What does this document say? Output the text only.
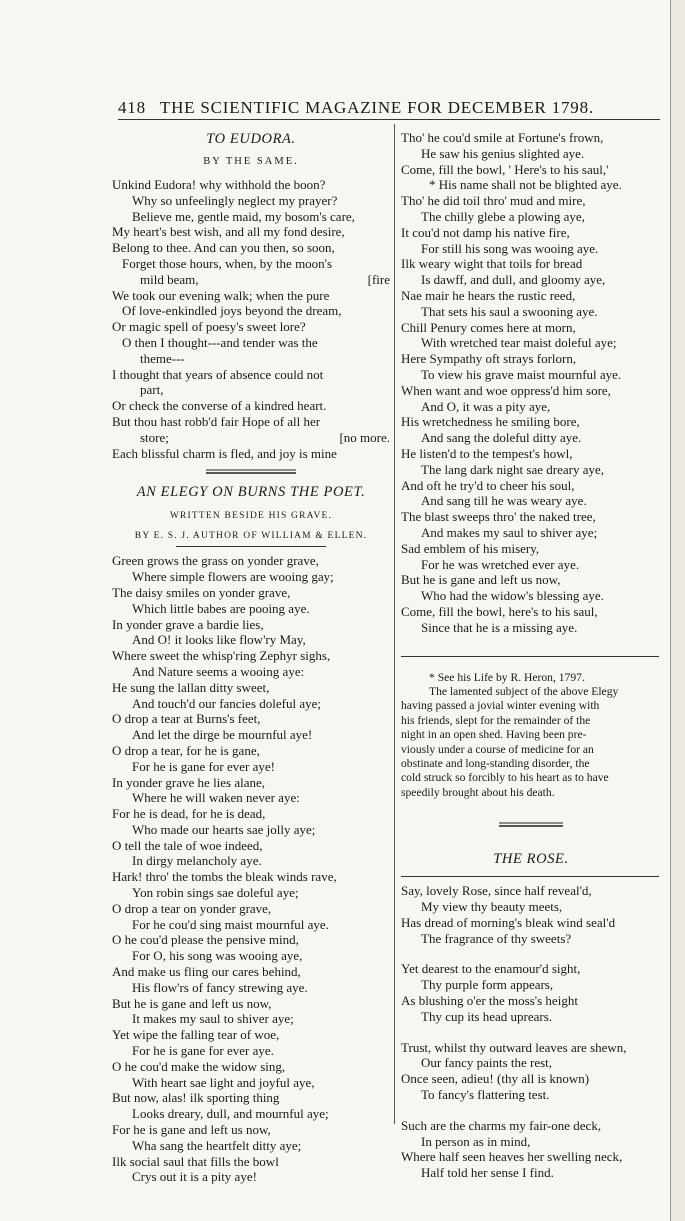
418 THE SCIENTIFIC MAGAZINE FOR DECEMBER 1798.
TO EUDORA.
BY THE SAME.
Unkind Eudora! why withhold the boon?
Why so unfeelingly neglect my prayer?
Believe me, gentle maid, my bosom's care,
My heart's best wish, and all my fond desire,
Belong to thee. And can you then, so soon,
Forget those hours, when, by the moon's
mild beam,	[fire
We took our evening walk; when the pure
Of love-enkindled joys beyond the dream,
Or magic spell of poesy's sweet lore?
O then I thought---and tender was the
theme---
I thought that years of absence could not
part,
Or check the converse of a kindred heart.
But thou hast robb'd fair Hope of all her
store;	[no more.
Each blissful charm is fled, and joy is mine
AN ELEGY ON BURNS THE POET.
WRITTEN BESIDE HIS GRAVE.
BY E. S. J. AUTHOR OF WILLIAM & ELLEN.
Green grows the grass on yonder grave,
Where simple flowers are wooing gay;
The daisy smiles on yonder grave,
Which little babes are pooing aye.
In yonder grave a bardie lies,
And O! it looks like flow'ry May,
Where sweet the whisp'ring Zephyr sighs,
And Nature seems a wooing aye:
He sung the lallan ditty sweet,
And touch'd our fancies doleful aye;
O drop a tear at Burns's feet,
And let the dirge be mournful aye!
O drop a tear, for he is gane,
For he is gane for ever aye!
In yonder grave he lies alane,
Where he will waken never aye:
For he is dead, for he is dead,
Who made our hearts sae jolly aye;
O tell the tale of woe indeed,
In dirgy melancholy aye.
Hark! thro' the tombs the bleak winds rave,
Yon robin sings sae doleful aye;
O drop a tear on yonder grave,
For he cou'd sing maist mournful aye.
O he cou'd please the pensive mind,
For O, his song was wooing aye,
And make us fling our cares behind,
His flow'rs of fancy strewing aye.
But he is gane and left us now,
It makes my saul to shiver aye;
Yet wipe the falling tear of woe,
For he is gane for ever aye.
O he cou'd make the widow sing,
With heart sae light and joyful aye,
But now, alas! ilk sporting thing
Looks dreary, dull, and mournful aye;
For he is gane and left us now,
Wha sang the heartfelt ditty aye;
Ilk social saul that fills the bowl
Crys out it is a pity aye!
Tho' he cou'd smile at Fortune's frown,
He saw his genius slighted aye.
Come, fill the bowl, ' Here's to his saul,'
* His name shall not be blighted aye.
Tho' he did toil thro' mud and mire,
The chilly glebe a plowing aye,
It cou'd not damp his native fire,
For still his song was wooing aye.
Ilk weary wight that toils for bread
Is dawff, and dull, and gloomy aye,
Nae mair he hears the rustic reed,
That sets his saul a swooning aye.
Chill Penury comes here at morn,
With wretched tear maist doleful aye;
Here Sympathy oft strays forlorn,
To view his grave maist mournful aye.
When want and woe oppress'd him sore,
And O, it was a pity aye,
His wretchedness he smiling bore,
And sang the doleful ditty aye.
He listen'd to the tempest's howl,
The lang dark night sae dreary aye,
And oft he try'd to cheer his soul,
And sang till he was weary aye.
The blast sweeps thro' the naked tree,
And makes my saul to shiver aye;
Sad emblem of his misery,
For he was wretched ever aye.
But he is gane and left us now,
Who had the widow's blessing aye.
Come, fill the bowl, here's to his saul,
Since that he is a missing aye.
* See his Life by R. Heron, 1797.
The lamented subject of the above Elegy
having passed a jovial winter evening with
his friends, slept for the remainder of the
night in an open shed. Having been pre-
viously under a course of medicine for an
obstinate and long-standing disorder, the
cold struck so forcibly to his heart as to have
speedily brought about his death.
THE ROSE.
Say, lovely Rose, since half reveal'd,
My view thy beauty meets,
Has dread of morning's bleak wind seal'd
The fragrance of thy sweets?
Yet dearest to the enamour'd sight,
Thy purple form appears,
As blushing o'er the moss's height
Thy cup its head uprears.
Trust, whilst thy outward leaves are shewn,
Our fancy paints the rest,
Once seen, adieu! (thy all is known)
To fancy's flattering test.
Such are the charms my fair-one deck,
In person as in mind,
Where half seen heaves her swelling neck,
Half told her sense I find.
